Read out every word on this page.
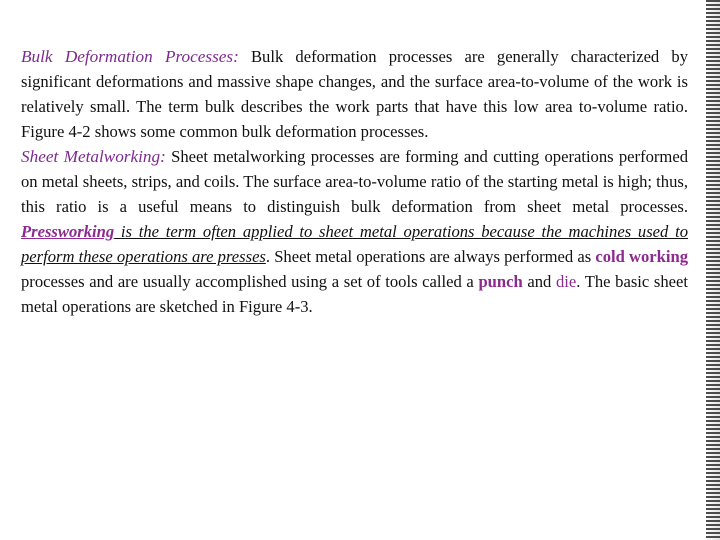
Bulk Deformation Processes: Bulk deformation processes are generally characterized by significant deformations and massive shape changes, and the surface area-to-volume of the work is relatively small. The term bulk describes the work parts that have this low area to-volume ratio. Figure 4-2 shows some common bulk deformation processes.

Sheet Metalworking: Sheet metalworking processes are forming and cutting operations performed on metal sheets, strips, and coils. The surface area-to-volume ratio of the starting metal is high; thus, this ratio is a useful means to distinguish bulk deformation from sheet metal processes. Pressworking is the term often applied to sheet metal operations because the machines used to perform these operations are presses. Sheet metal operations are always performed as cold working processes and are usually accomplished using a set of tools called a punch and die. The basic sheet metal operations are sketched in Figure 4-3.
